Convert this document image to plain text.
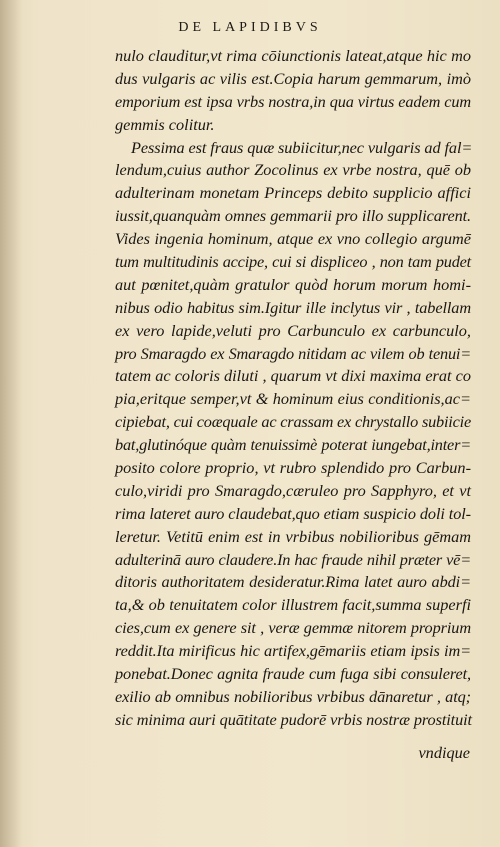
DE LAPIDIBVS
nulo clauditur,vt rima cōiunctionis lateat,atque hic mo
dus vulgaris ac vilis est.Copia harum gemmarum, imò
emporium est ipsa vrbs nostra,in qua virtus eadem cum
gemmis colitur.
Pessima est fraus quæ subiicitur,nec vulgaris ad fal=
lendum,cuius author Zocolinus ex vrbe nostra, quē ob
adulterinam monetam Princeps debito supplicio affici
iussit,quanquàm omnes gemmarii pro illo supplicarent.
Vides ingenia hominum, atque ex vno collegio argumē
tum multitudinis accipe, cui si displiceo , non tam pudet
aut pœnitet,quàm gratulor quòd horum morum homi-
nibus odio habitus sim.Igitur ille inclytus vir , tabellam
ex vero lapide,veluti pro Carbunculo ex carbunculo,
pro Smaragdo ex Smaragdo nitidam ac vilem ob tenui=
tatem ac coloris diluti , quarum vt dixi maxima erat co
pia,eritque semper,vt & hominum eius conditionis,ac=
cipiebat, cui coæquale ac crassam ex chrystallo subiicie
bat,glutinóque quàm tenuissimè poterat iungebat,inter=
posito colore proprio, vt rubro splendido pro Carbun-
culo,viridi pro Smaragdo,cæruleo pro Sapphyro, et vt
rima lateret auro claudebat,quo etiam suspicio doli tol-
leretur. Vetitū enim est in vrbibus nobilioribus gēmam
adulterinā auro claudere.In hac fraude nihil præter vē=
ditoris authoritatem desideratur.Rima latet auro abdi=
ta,& ob tenuitatem color illustrem facit,summa superfi
cies,cum ex genere sit , veræ gemmæ nitorem proprium
reddit.Ita mirificus hic artifex,gēmariis etiam ipsis im=
ponebat.Donec agnita fraude cum fuga sibi consuleret,
exilio ab omnibus nobilioribus vrbibus dānaretur , atq;
sic minima auri quātitate pudorē vrbis nostræ prostituit
vndique
